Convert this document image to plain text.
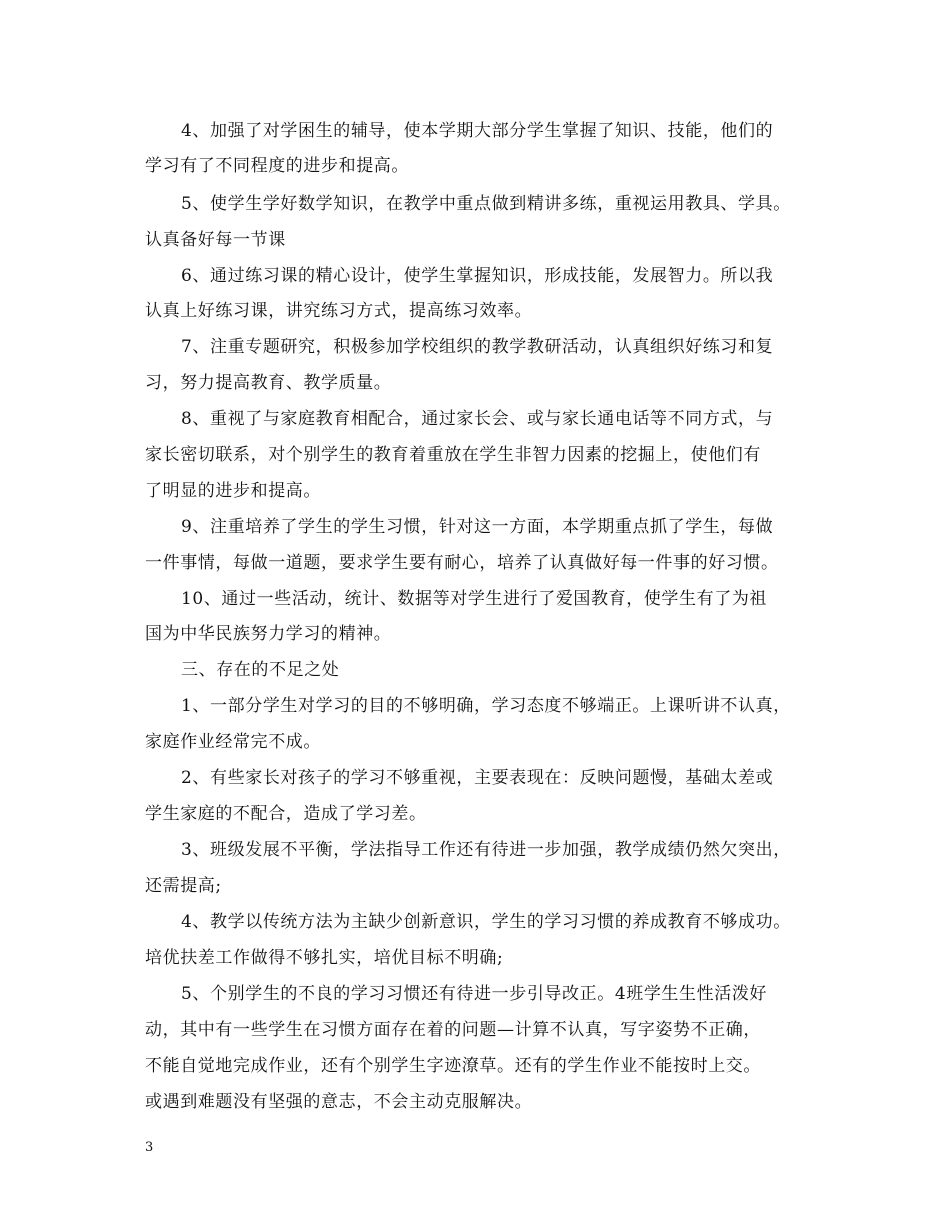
4、加强了对学困生的辅导，使本学期大部分学生掌握了知识、技能，他们的
学习有了不同程度的进步和提高。
5、使学生学好数学知识，在教学中重点做到精讲多练，重视运用教具、学具。
认真备好每一节课
6、通过练习课的精心设计，使学生掌握知识，形成技能，发展智力。所以我
认真上好练习课，讲究练习方式，提高练习效率。
7、注重专题研究，积极参加学校组织的教学教研活动，认真组织好练习和复
习，努力提高教育、教学质量。
8、重视了与家庭教育相配合，通过家长会、或与家长通电话等不同方式，与
家长密切联系，对个别学生的教育着重放在学生非智力因素的挖掘上，使他们有
了明显的进步和提高。
9、注重培养了学生的学生习惯，针对这一方面，本学期重点抓了学生，每做
一件事情，每做一道题，要求学生要有耐心，培养了认真做好每一件事的好习惯。
10、通过一些活动，统计、数据等对学生进行了爱国教育，使学生有了为祖
国为中华民族努力学习的精神。
三、存在的不足之处
1、一部分学生对学习的目的不够明确，学习态度不够端正。上课听讲不认真，
家庭作业经常完不成。
2、有些家长对孩子的学习不够重视，主要表现在：反映问题慢，基础太差或
学生家庭的不配合，造成了学习差。
3、班级发展不平衡，学法指导工作还有待进一步加强，教学成绩仍然欠突出，
还需提高;
4、教学以传统方法为主缺少创新意识，学生的学习习惯的养成教育不够成功。
培优扶差工作做得不够扎实，培优目标不明确;
5、个别学生的不良的学习习惯还有待进一步引导改正。4班学生生性活泼好
动，其中有一些学生在习惯方面存在着的问题—计算不认真，写字姿势不正确，
不能自觉地完成作业，还有个别学生字迹潦草。还有的学生作业不能按时上交。
或遇到难题没有坚强的意志，不会主动克服解决。
3
